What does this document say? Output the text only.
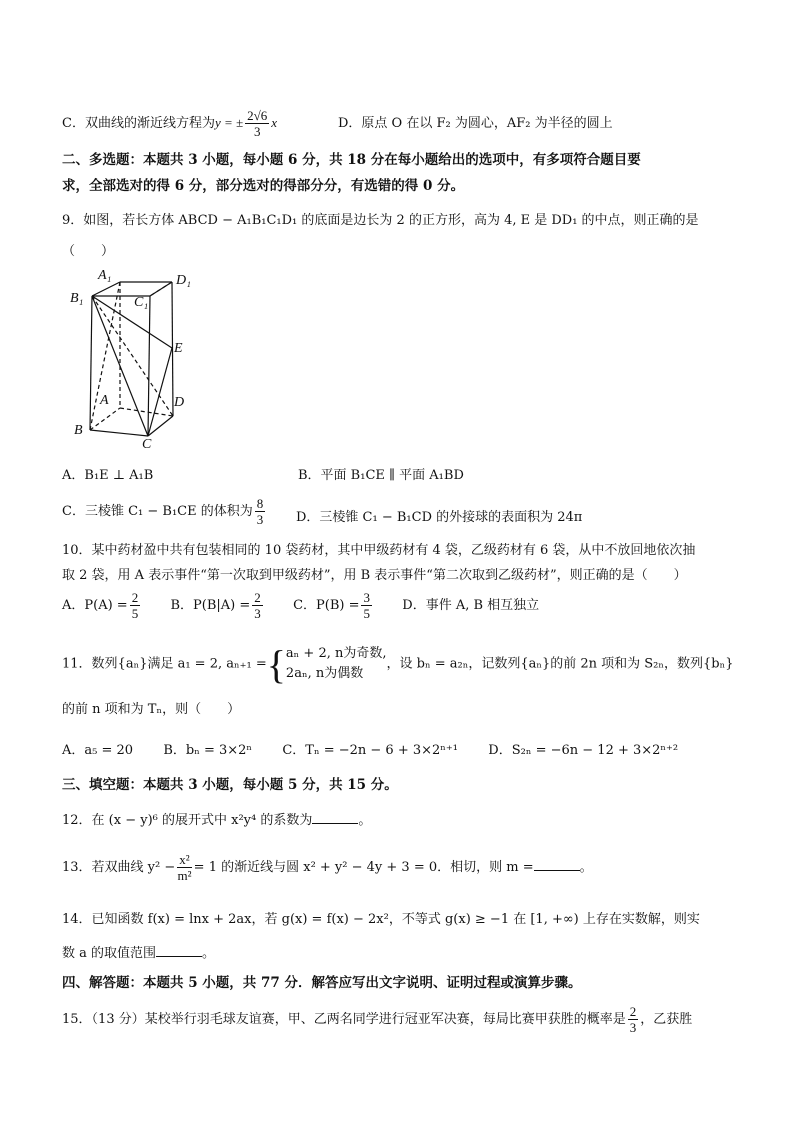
C．双曲线的渐近线方程为y = ± $\frac{2√6}{3}$ x	D．原点 O 在以 F₂ 为圆心，AF₂ 为半径的圆上
二、多选题：本题共 3 小题，每小题 6 分，共 18 分在每小题给出的选项中，有多项符合题目要
求，全部选对的得 6 分，部分选对的得部分分，有选错的得 0 分。
9．如图，若长方体 ABCD − A₁B₁C₁D₁ 的底面是边长为 2 的正方形，高为 4, E 是 DD₁ 的中点，则正确的是
（　　）
A₁	D₁
B₁	C₁
E
A	D
B
C
A．B₁E ⊥ A₁B	B．平面 B₁CE ∥ 平面 A₁BD
C．三棱锥 C₁ − B₁CE 的体积为 $\frac{8}{3}$ D．三棱锥 C₁ − B₁CD 的外接球的表面积为 24π
10．某中药材盈中共有包装相同的 10 袋药材，其中甲级药材有 4 袋，乙级药材有 6 袋，从中不放回地依次抽
取 2 袋，用 A 表示事件“第一次取到甲级药材”，用 B 表示事件“第二次取到乙级药材”，则正确的是（　　）
A．$P(A) = \frac{2}{5}$ B．$P(B|A) = \frac{2}{3}$ C．$P(B) = \frac{3}{5}$ D．事件 A, B 相互独立
11．数列{aₙ}满足 a₁ = 2, aₙ₊₁ ={ aₙ + 2, n为奇数,
2aₙ, n为偶数
，设 bₙ = a₂ₙ，记数列{aₙ}的前 2n 项和为 S₂ₙ，数列{bₙ}
的前 n 项和为 Tₙ，则（　　）
A．a₅ = 20 B．bₙ = 3×2ⁿ C．Tₙ = −2n − 6 + 3×2ⁿ⁺¹ D．S₂ₙ = −6n − 12 + 3×2ⁿ⁺²
三、填空题：本题共 3 小题，每小题 5 分，共 15 分。
12．在 (x − y)⁶ 的展开式中 x²y⁴ 的系数为	。
13．若双曲线 $y^2 - \frac{\text{x²}}{\text{m²}} = 1$ 的渐近线与圆 x² + y² − 4y + 3 = 0．相切，则 m =	。
14．已知函数 f(x) = lnx + 2ax，若 g(x) = f(x) − 2x²，不等式 g(x) ≥ −1 在 [1, +∞) 上存在实数解，则实
数 a 的取值范围	。
四、解答题：本题共 5 小题，共 77 分．解答应写出文字说明、证明过程或演算步骤。
15．（13 分）某校举行羽毛球友谊赛，甲、乙两名同学进行冠亚军决赛，每局比赛甲获胜的概率是 $\frac{2}{3}$ ，乙获胜
